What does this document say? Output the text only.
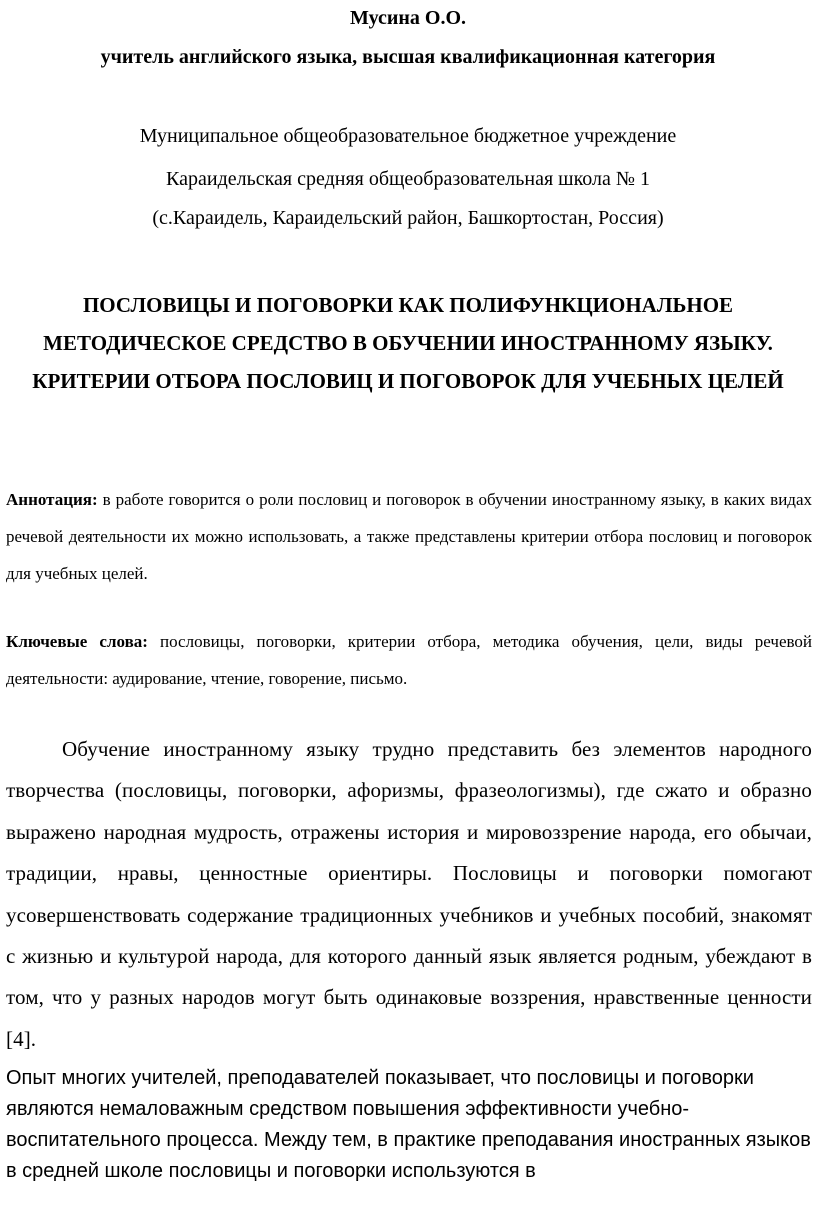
Мусина О.О.
учитель английского языка, высшая квалификационная категория
Муниципальное общеобразовательное бюджетное учреждение
Караидельская средняя общеобразовательная школа № 1
(с.Караидель, Караидельский район, Башкортостан, Россия)
ПОСЛОВИЦЫ И ПОГОВОРКИ КАК ПОЛИФУНКЦИОНАЛЬНОЕ МЕТОДИЧЕСКОЕ СРЕДСТВО В ОБУЧЕНИИ ИНОСТРАННОМУ ЯЗЫКУ. КРИТЕРИИ ОТБОРА ПОСЛОВИЦ И ПОГОВОРОК ДЛЯ УЧЕБНЫХ ЦЕЛЕЙ
Аннотация: в работе говорится о роли пословиц и поговорок в обучении иностранному языку, в каких видах речевой деятельности их можно использовать, а также представлены критерии отбора пословиц и поговорок для учебных целей.
Ключевые слова: пословицы, поговорки, критерии отбора, методика обучения, цели, виды речевой деятельности: аудирование, чтение, говорение, письмо.
Обучение иностранному языку трудно представить без элементов народного творчества (пословицы, поговорки, афоризмы, фразеологизмы), где сжато и образно выражено народная мудрость, отражены история и мировоззрение народа, его обычаи, традиции, нравы, ценностные ориентиры. Пословицы и поговорки помогают усовершенствовать содержание традиционных учебников и учебных пособий, знакомят с жизнью и культурой народа, для которого данный язык является родным, убеждают в том, что у разных народов могут быть одинаковые воззрения, нравственные ценности [4].
Опыт многих учителей, преподавателей показывает, что пословицы и поговорки являются немаловажным средством повышения эффективности учебно-воспитательного процесса. Между тем, в практике преподавания иностранных языков в средней школе пословицы и поговорки используются в
